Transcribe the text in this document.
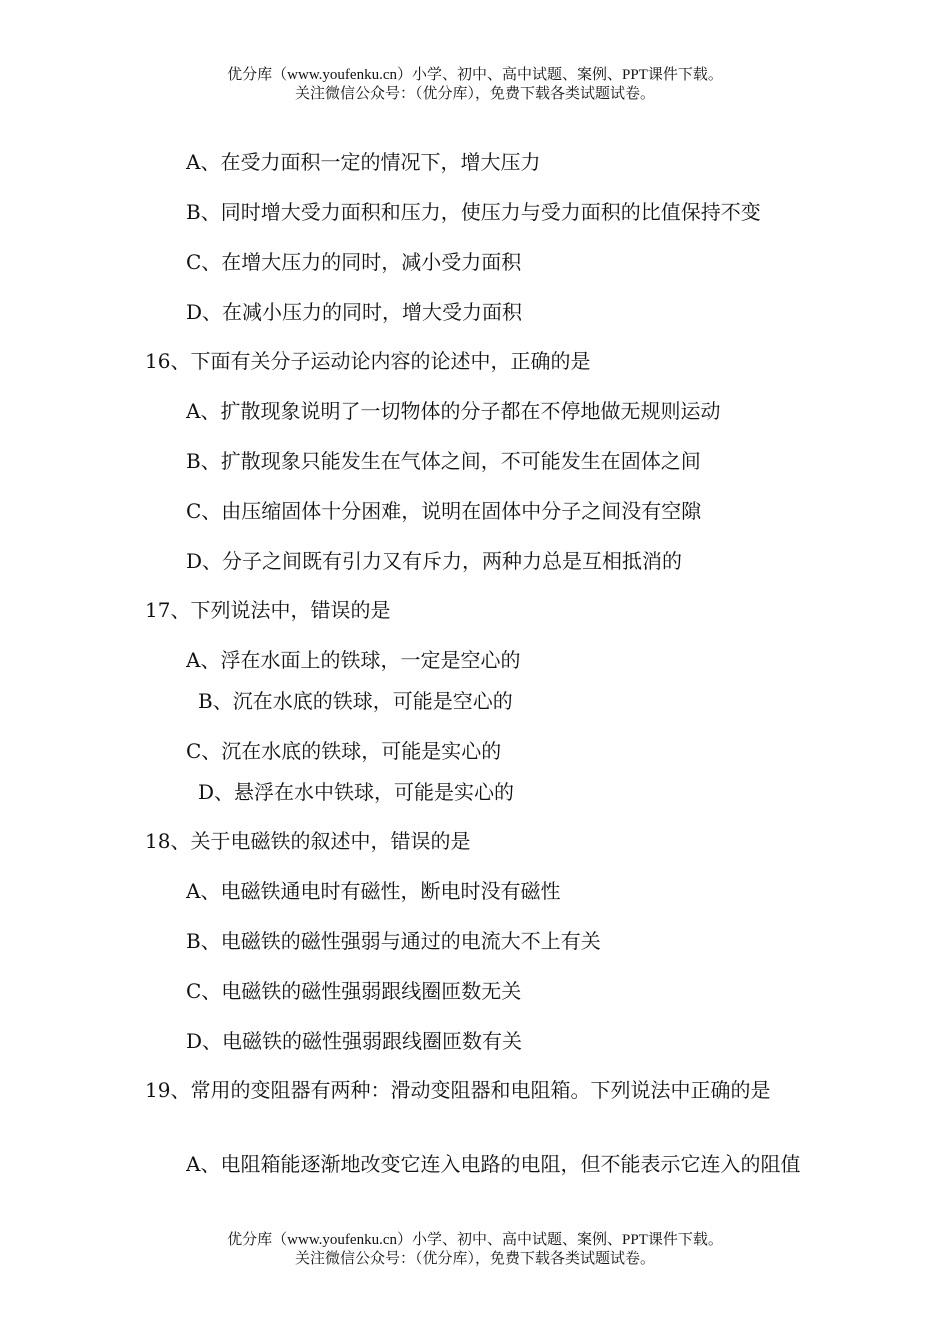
优分库（www.youfenku.cn）小学、初中、高中试题、案例、PPT课件下载。
关注微信公众号：（优分库），免费下载各类试题试卷。
A、在受力面积一定的情况下，增大压力
B、同时增大受力面积和压力，使压力与受力面积的比值保持不变
C、在增大压力的同时，减小受力面积
D、在减小压力的同时，增大受力面积
16、下面有关分子运动论内容的论述中，正确的是
A、扩散现象说明了一切物体的分子都在不停地做无规则运动
B、扩散现象只能发生在气体之间，不可能发生在固体之间
C、由压缩固体十分困难，说明在固体中分子之间没有空隙
D、分子之间既有引力又有斥力，两种力总是互相抵消的
17、下列说法中，错误的是
A、浮在水面上的铁球，一定是空心的
B、沉在水底的铁球，可能是空心的
C、沉在水底的铁球，可能是实心的
D、悬浮在水中铁球，可能是实心的
18、关于电磁铁的叙述中，错误的是
A、电磁铁通电时有磁性，断电时没有磁性
B、电磁铁的磁性强弱与通过的电流大不上有关
C、电磁铁的磁性强弱跟线圈匝数无关
D、电磁铁的磁性强弱跟线圈匝数有关
19、常用的变阻器有两种：滑动变阻器和电阻箱。下列说法中正确的是
A、电阻箱能逐渐地改变它连入电路的电阻，但不能表示它连入的阻值
优分库（www.youfenku.cn）小学、初中、高中试题、案例、PPT课件下载。
关注微信公众号：（优分库），免费下载各类试题试卷。
